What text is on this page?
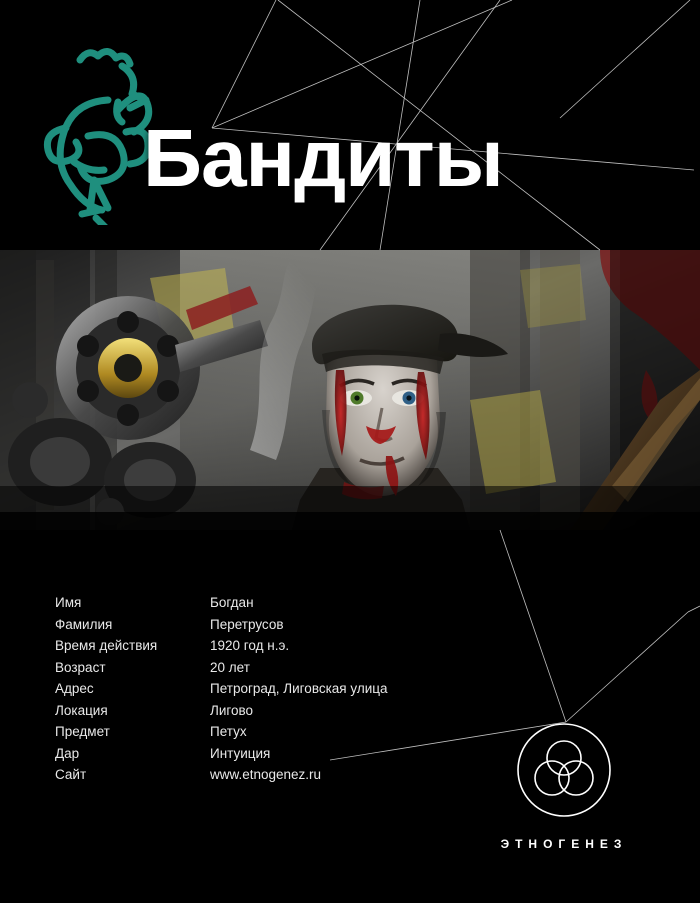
Бандиты
Имя	Богдан
Фамилия	Перетрусов
Время действия	1920 год н.э.
Возраст	20 лет
Адрес	Петроград, Лиговская улица
Локация	Лигово
Предмет	Петух
Дар	Интуиция
Сайт	www.etnogenez.ru
ЭТНОГЕНЕЗ
